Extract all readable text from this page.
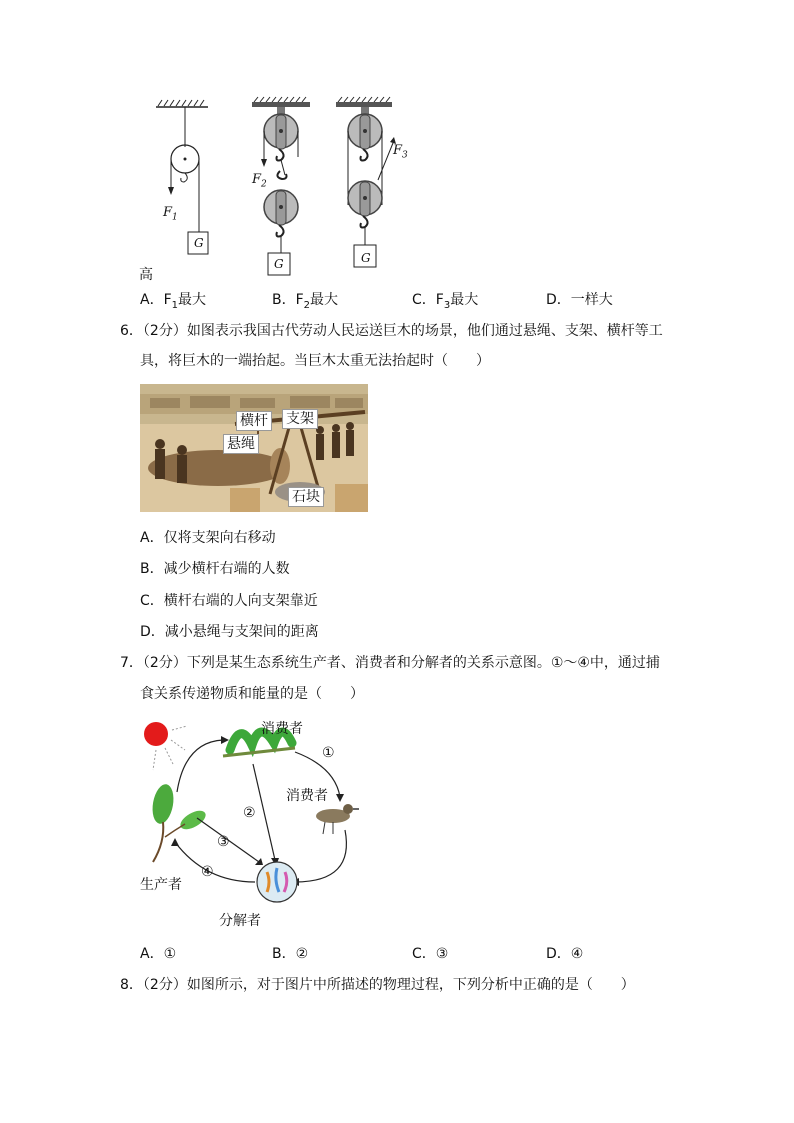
$F_1$
$F_2$
$F_3$
G
G	G
高
A．$F_1$最大	B．$F_2$最大	C．$F_3$最大	D．一样大
6．（2分）如图表示我国古代劳动人民运送巨木的场景，他们通过悬绳、支架、横杆等工
具，将巨木的一端抬起。当巨木太重无法抬起时（　　）
横杆 支架
悬绳
石块
A．仅将支架向右移动
B．减少横杆右端的人数
C．横杆右端的人向支架靠近
D．减小悬绳与支架间的距离
7．（2分）下列是某生态系统生产者、消费者和分解者的关系示意图。①～④中，通过捕
食关系传递物质和能量的是（　　）
消费者
消费者
生产者
分解者
①
②
③
④
A．①	B．②	C．③	D．④
8．（2分）如图所示，对于图片中所描述的物理过程，下列分析中正确的是（　　）
